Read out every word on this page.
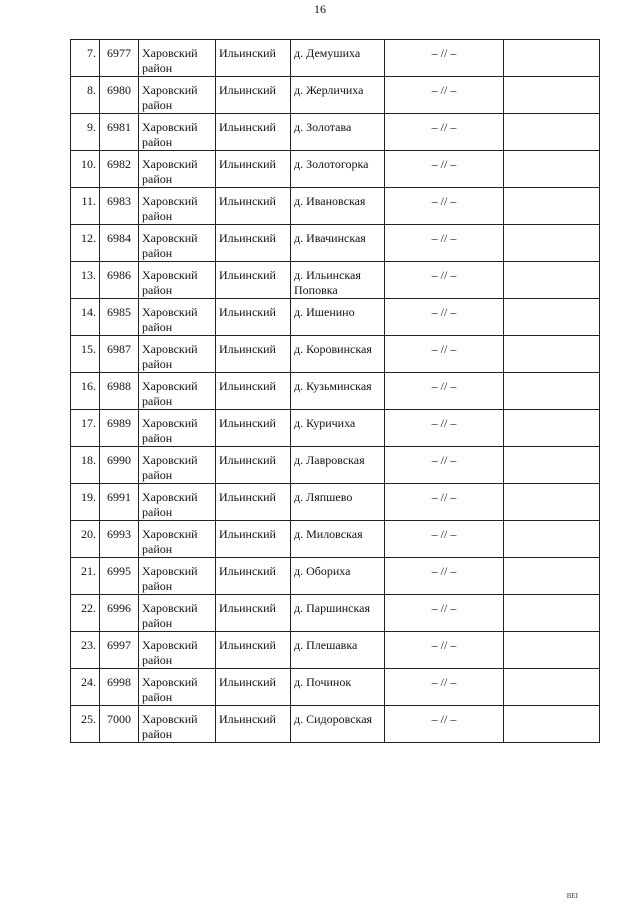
16
7.	6977	Харовский район	Ильинский	д. Демушиха	– // –	
8.	6980	Харовский район	Ильинский	д. Жерличиха	– // –	
9.	6981	Харовский район	Ильинский	д. Золотава	– // –	
10.	6982	Харовский район	Ильинский	д. Золотогорка	– // –	
11.	6983	Харовский район	Ильинский	д. Ивановская	– // –	
12.	6984	Харовский район	Ильинский	д. Ивачинская	– // –	
13.	6986	Харовский район	Ильинский	д. Ильинская Поповка	– // –	
14.	6985	Харовский район	Ильинский	д. Ишенино	– // –	
15.	6987	Харовский район	Ильинский	д. Коровинская	– // –	
16.	6988	Харовский район	Ильинский	д. Кузьминская	– // –	
17.	6989	Харовский район	Ильинский	д. Куричиха	– // –	
18.	6990	Харовский район	Ильинский	д. Лавровская	– // –	
19.	6991	Харовский район	Ильинский	д. Ляпшево	– // –	
20.	6993	Харовский район	Ильинский	д. Миловская	– // –	
21.	6995	Харовский район	Ильинский	д. Обориха	– // –	
22.	6996	Харовский район	Ильинский	д. Паршинская	– // –	
23.	6997	Харовский район	Ильинский	д. Плешавка	– // –	
24.	6998	Харовский район	Ильинский	д. Починок	– // –	
25.	7000	Харовский район	Ильинский	д. Сидоровская	– // –	
ВЕI
